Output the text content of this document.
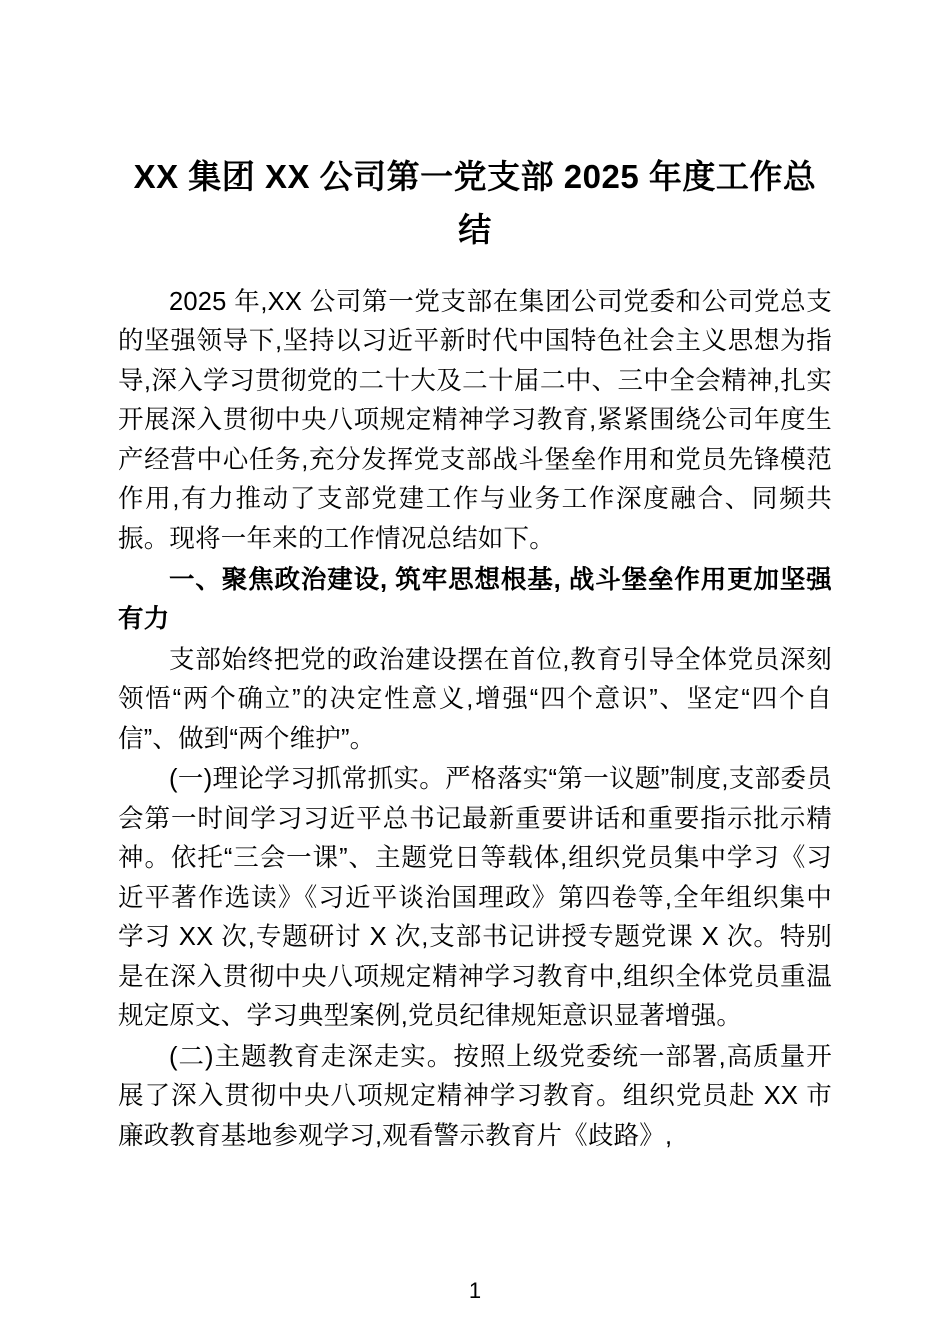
XX 集团 XX 公司第一党支部 2025 年度工作总结

2025 年,XX 公司第一党支部在集团公司党委和公司党总支的坚强领导下,坚持以习近平新时代中国特色社会主义思想为指导,深入学习贯彻党的二十大及二十届二中、三中全会精神,扎实开展深入贯彻中央八项规定精神学习教育,紧紧围绕公司年度生产经营中心任务,充分发挥党支部战斗堡垒作用和党员先锋模范作用,有力推动了支部党建工作与业务工作深度融合、同频共振。现将一年来的工作情况总结如下。

一、聚焦政治建设, 筑牢思想根基, 战斗堡垒作用更加坚强有力

支部始终把党的政治建设摆在首位,教育引导全体党员深刻领悟“两个确立”的决定性意义,增强“四个意识”、坚定“四个自信”、做到“两个维护”。

(一)理论学习抓常抓实。严格落实“第一议题”制度,支部委员会第一时间学习习近平总书记最新重要讲话和重要指示批示精神。依托“三会一课”、主题党日等载体,组织党员集中学习《习近平著作选读》《习近平谈治国理政》第四卷等,全年组织集中学习 XX 次,专题研讨 X 次,支部书记讲授专题党课 X 次。特别是在深入贯彻中央八项规定精神学习教育中,组织全体党员重温规定原文、学习典型案例,党员纪律规矩意识显著增强。

(二)主题教育走深走实。按照上级党委统一部署,高质量开展了深入贯彻中央八项规定精神学习教育。组织党员赴 XX 市廉政教育基地参观学习,观看警示教育片《歧路》,

1
